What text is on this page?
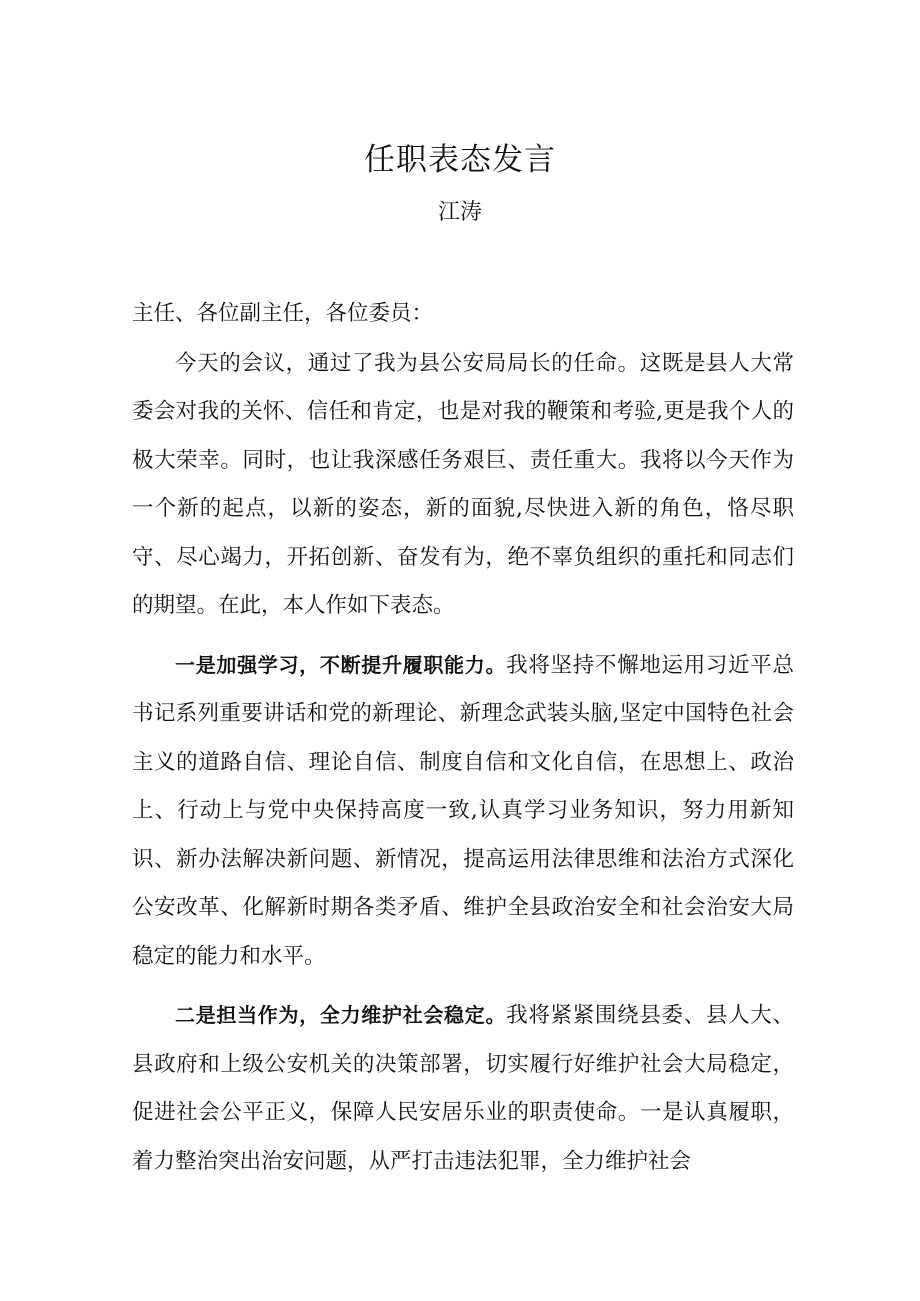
任职表态发言
江涛

主任、各位副主任，各位委员：

今天的会议，通过了我为县公安局局长的任命。这既是县人大常委会对我的关怀、信任和肯定，也是对我的鞭策和考验,更是我个人的极大荣幸。同时，也让我深感任务艰巨、责任重大。我将以今天作为一个新的起点，以新的姿态，新的面貌,尽快进入新的角色，恪尽职守、尽心竭力，开拓创新、奋发有为，绝不辜负组织的重托和同志们的期望。在此，本人作如下表态。

一是加强学习，不断提升履职能力。我将坚持不懈地运用习近平总书记系列重要讲话和党的新理论、新理念武装头脑,坚定中国特色社会主义的道路自信、理论自信、制度自信和文化自信，在思想上、政治上、行动上与党中央保持高度一致,认真学习业务知识，努力用新知识、新办法解决新问题、新情况，提高运用法律思维和法治方式深化公安改革、化解新时期各类矛盾、维护全县政治安全和社会治安大局稳定的能力和水平。

二是担当作为，全力维护社会稳定。我将紧紧围绕县委、县人大、县政府和上级公安机关的决策部署，切实履行好维护社会大局稳定，促进社会公平正义，保障人民安居乐业的职责使命。一是认真履职，着力整治突出治安问题，从严打击违法犯罪，全力维护社会
